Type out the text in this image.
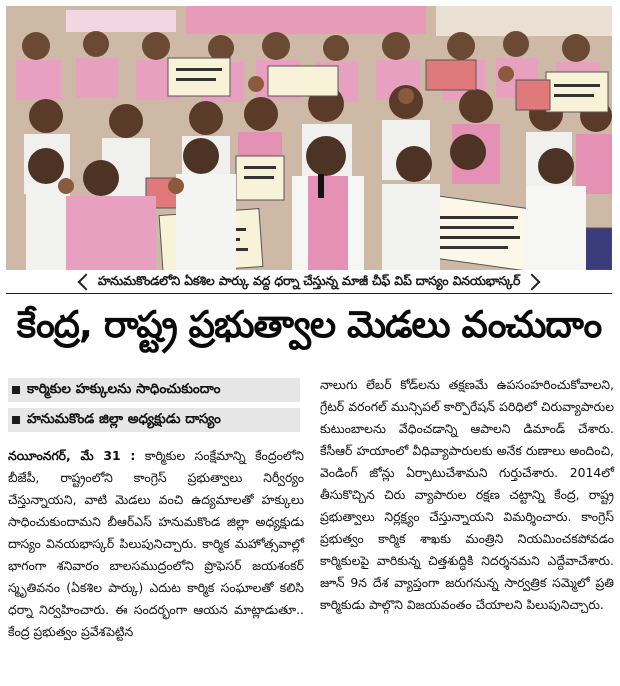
హనుమకొండలోని ఏకశిల పార్కు వద్ద ధర్నా చేస్తున్న మాజీ చీఫ్ విప్ దాస్యం వినయభాస్కర్
కేంద్ర, రాష్ట్ర ప్రభుత్వాల మెడలు వంచుదాం
కార్మికుల హక్కులను సాధించుకుందాం
హనుమకొండ జిల్లా అధ్యక్షుడు దాస్యం

నయీంనగర్, మే 31 : కార్మికుల సంక్షేమాన్ని కేంద్రంలోని బీజేపీ, రాష్ట్రంలోని కాంగ్రెస్ ప్రభుత్వాలు నిర్వీర్యం చేస్తున్నాయని, వాటి మెడలు వంచి ఉద్యమాలతో హక్కులు సాధించుకుందామని బీఆర్‌ఎస్ హనుమకొండ జిల్లా అధ్యక్షుడు దాస్యం వినయభాస్కర్ పిలుపునిచ్చారు. కార్మిక మహోత్సవాల్లో భాగంగా శనివారం బాలసముద్రంలోని ప్రొఫెసర్ జయశంకర్ స్మృతివనం (ఏకశిల పార్కు) ఎదుట కార్మిక సంఘాలతో కలిసి ధర్నా నిర్వహించారు. ఈ సందర్భంగా ఆయన మాట్లాడుతూ.. కేంద్ర ప్రభుత్వం ప్రవేశపెట్టిన

నాలుగు లేబర్ కోడ్‌లను తక్షణమే ఉపసంహరించుకోవాలని, గ్రేటర్ వరంగల్ మున్సిపల్ కార్పొరేషన్ పరిధిలో చిరువ్యాపారుల కుటుంబాలను వేధించడాన్ని ఆపాలని డిమాండ్ చేశారు. కేసీఆర్ హయాంలో వీధివ్యాపారులకు అనేక రుణాలు అందించి, వెండింగ్ జోన్లు ఏర్పాటుచేశామని గుర్తుచేశారు. 2014లో తీసుకొచ్చిన చిరు వ్యాపారుల రక్షణ చట్టాన్ని కేంద్ర, రాష్ట్ర ప్రభుత్వాలు నిర్లక్ష్యం చేస్తున్నాయని విమర్శించారు. కాంగ్రెస్ ప్రభుత్వం కార్మిక శాఖకు మంత్రిని నియమించకపోవడం కార్మికులపై వారికున్న చిత్తశుద్ధికి నిదర్శనమని ఎద్దేవాచేశారు. జూన్ 9న దేశ వ్యాప్తంగా జరుగనున్న సార్వత్రిక సమ్మెలో ప్రతి కార్మికుడు పాల్గొని విజయవంతం చేయాలని పిలుపునిచ్చారు.
